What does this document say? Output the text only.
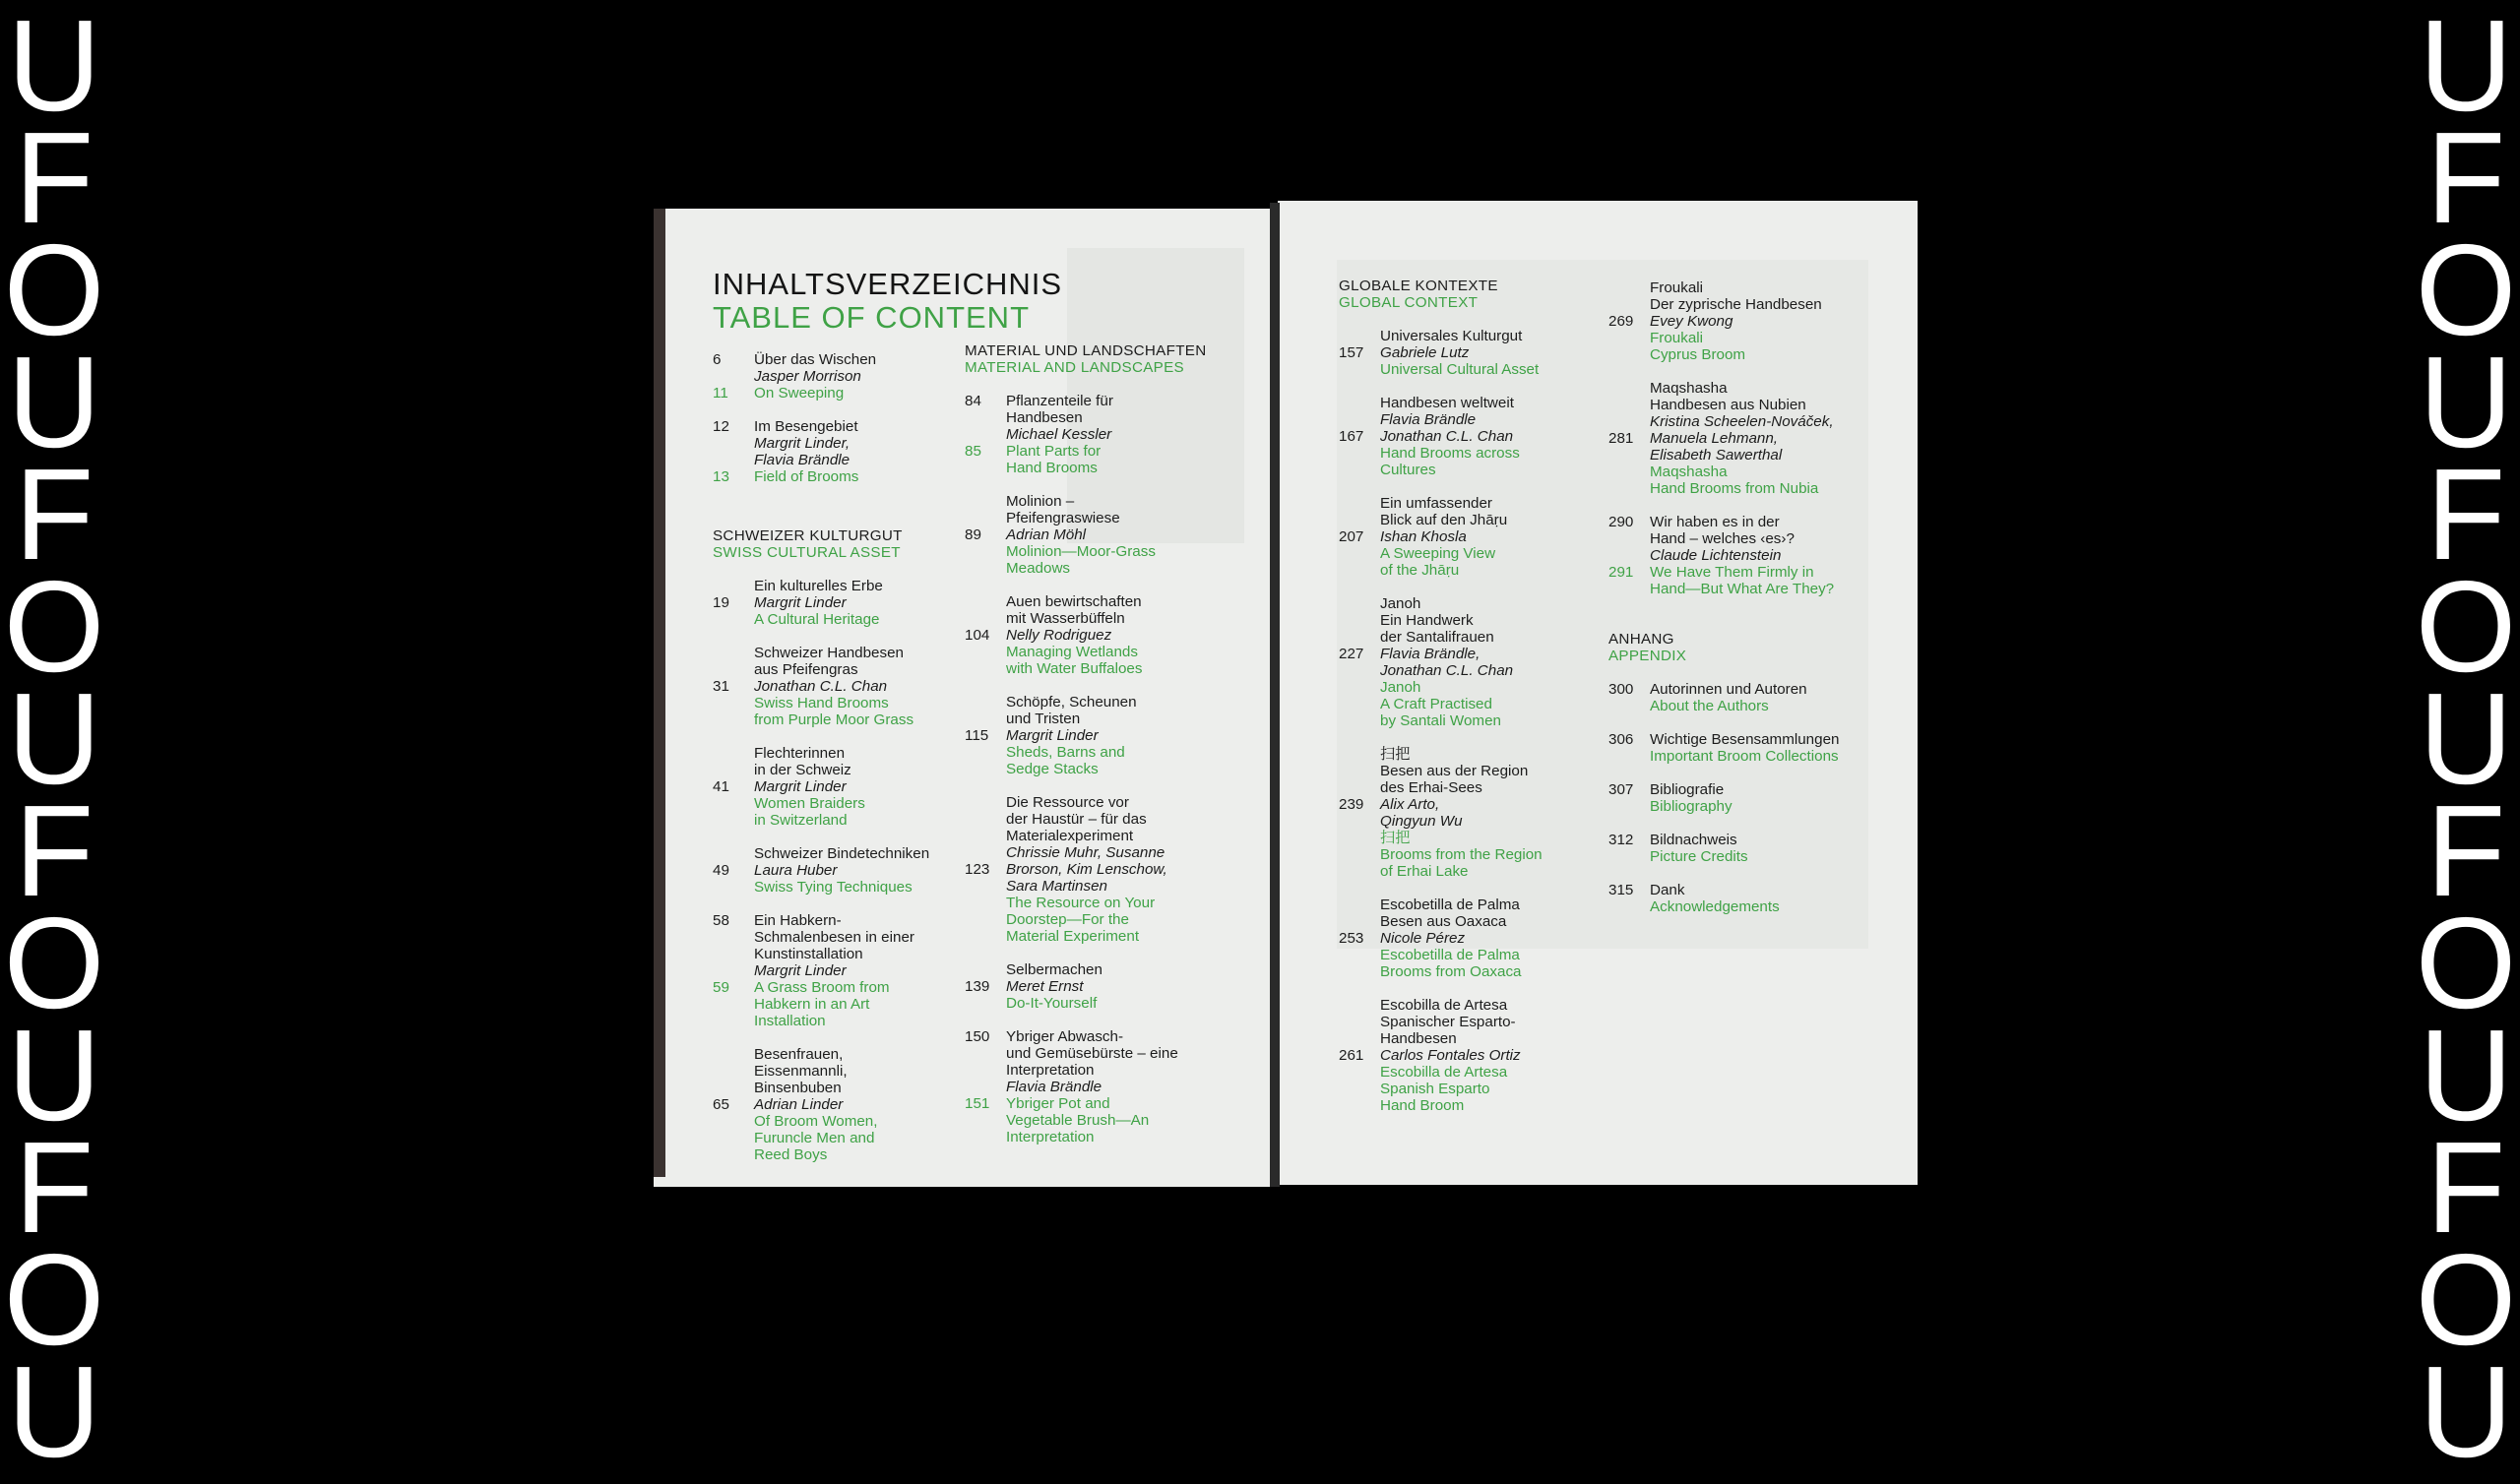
U
F
O
U
F
O
U
F
O
U
F
O
U
U
F
O
U
F
O
U
F
O
U
F
O
U
INHALTSVERZEICHNIS
TABLE OF CONTENT
6
11
Über das Wischen
Jasper Morrison
On Sweeping
12
13
Im Besengebiet
Margrit Linder,
Flavia Brändle
Field of Brooms
SCHWEIZER KULTURGUT
SWISS CULTURAL ASSET
19
Ein kulturelles Erbe
Margrit Linder
A Cultural Heritage
31
Schweizer Handbesen
aus Pfeifengras
Jonathan C.L. Chan
Swiss Hand Brooms
from Purple Moor Grass
41
Flechterinnen
in der Schweiz
Margrit Linder
Women Braiders
in Switzerland
49
Schweizer Bindetechniken
Laura Huber
Swiss Tying Techniques
58
59
Ein Habkern-
Schmalenbesen in einer
Kunstinstallation
Margrit Linder
A Grass Broom from
Habkern in an Art
Installation
65
Besenfrauen,
Eissenmannli,
Binsenbuben
Adrian Linder
Of Broom Women,
Furuncle Men and
Reed Boys
MATERIAL UND LANDSCHAFTEN
MATERIAL AND LANDSCAPES
84
85
Pflanzenteile für
Handbesen
Michael Kessler
Plant Parts for
Hand Brooms
89
Molinion –
Pfeifengraswiese
Adrian Möhl
Molinion—Moor-Grass
Meadows
104
Auen bewirtschaften
mit Wasserbüffeln
Nelly Rodriguez
Managing Wetlands
with Water Buffaloes
115
Schöpfe, Scheunen
und Tristen
Margrit Linder
Sheds, Barns and
Sedge Stacks
123
Die Ressource vor
der Haustür – für das
Materialexperiment
Chrissie Muhr, Susanne
Brorson, Kim Lenschow,
Sara Martinsen
The Resource on Your
Doorstep—For the
Material Experiment
139
Selbermachen
Meret Ernst
Do-It-Yourself
150
151
Ybriger Abwasch-
und Gemüsebürste – eine
Interpretation
Flavia Brändle
Ybriger Pot and
Vegetable Brush—An
Interpretation
GLOBALE KONTEXTE
GLOBAL CONTEXT
157
Universales Kulturgut
Gabriele Lutz
Universal Cultural Asset
167
Handbesen weltweit
Flavia Brändle
Jonathan C.L. Chan
Hand Brooms across
Cultures
207
Ein umfassender
Blick auf den Jhāṛu
Ishan Khosla
A Sweeping View
of the Jhāṛu
227
Janoh
Ein Handwerk
der Santalifrauen
Flavia Brändle,
Jonathan C.L. Chan
Janoh
A Craft Practised
by Santali Women
239
扫把
Besen aus der Region
des Erhai-Sees
Alix Arto,
Qingyun Wu
扫把
Brooms from the Region
of Erhai Lake
253
Escobetilla de Palma
Besen aus Oaxaca
Nicole Pérez
Escobetilla de Palma
Brooms from Oaxaca
261
Escobilla de Artesa
Spanischer Esparto-
Handbesen
Carlos Fontales Ortiz
Escobilla de Artesa
Spanish Esparto
Hand Broom
269
Froukali
Der zyprische Handbesen
Evey Kwong
Froukali
Cyprus Broom
281
Maqshasha
Handbesen aus Nubien
Kristina Scheelen-Nováček,
Manuela Lehmann,
Elisabeth Sawerthal
Maqshasha
Hand Brooms from Nubia
290
291
Wir haben es in der
Hand – welches ‹es›?
Claude Lichtenstein
We Have Them Firmly in
Hand—But What Are They?
ANHANG
APPENDIX
300 Autorinnen und Autoren
About the Authors
306 Wichtige Besensammlungen
Important Broom Collections
307 Bibliografie
Bibliography
312 Bildnachweis
Picture Credits
315 Dank
Acknowledgements
